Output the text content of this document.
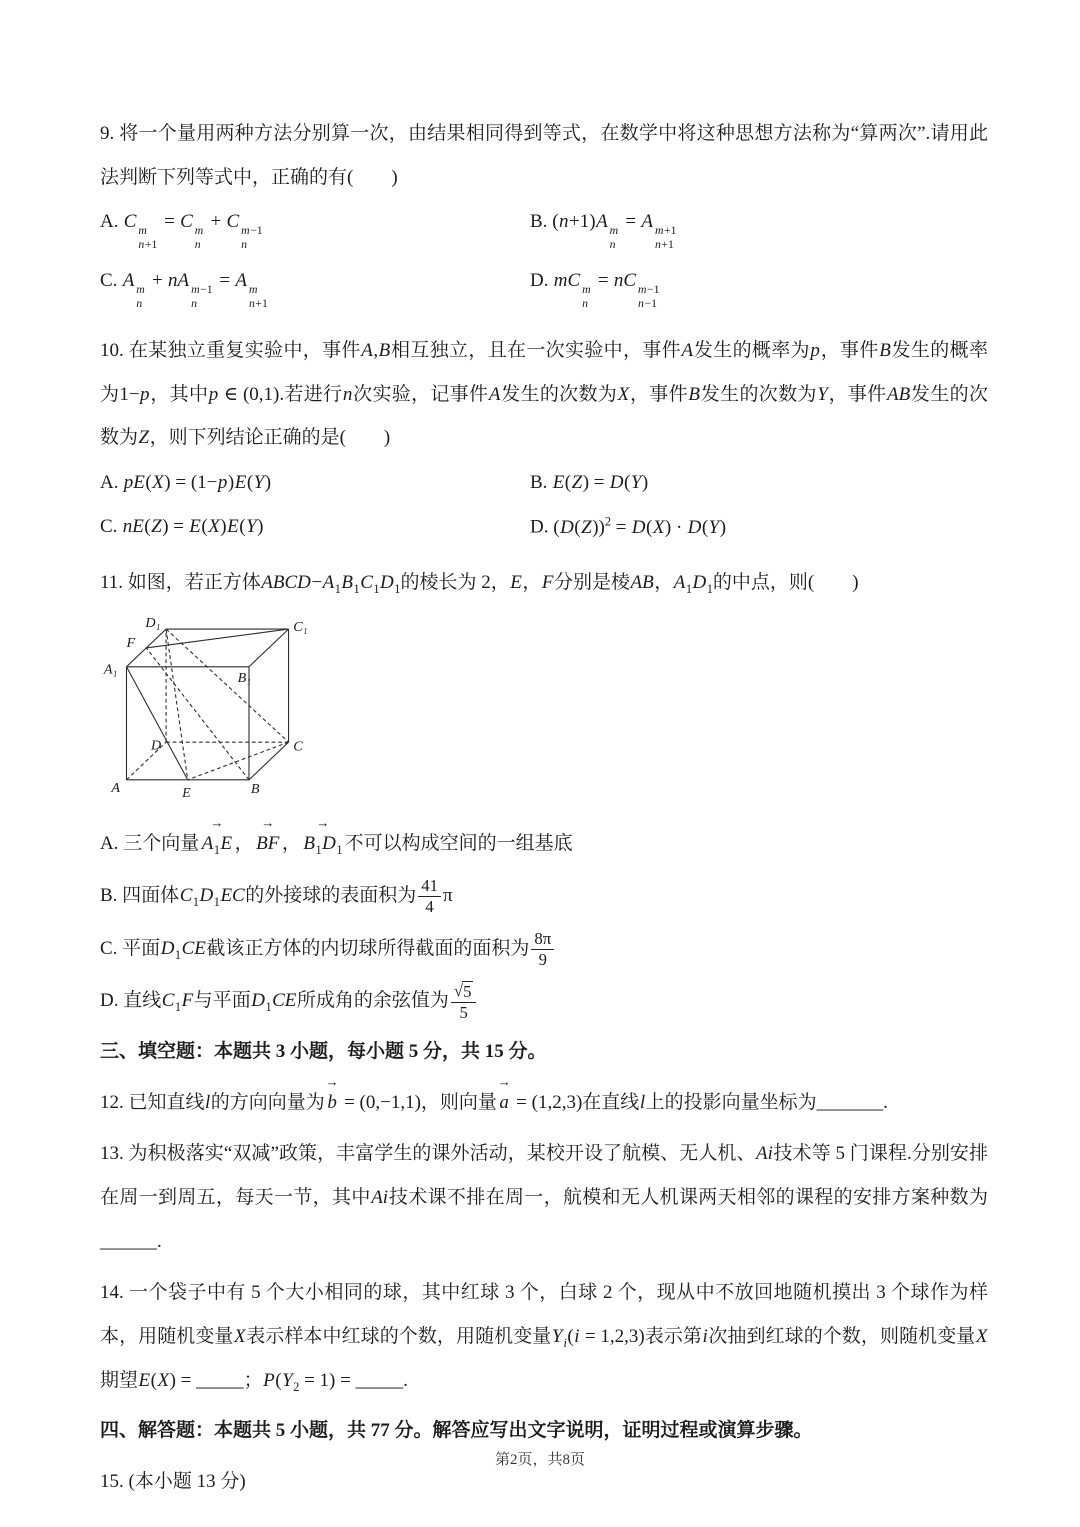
9. 将一个量用两种方法分别算一次，由结果相同得到等式，在数学中将这种思想方法称为“算两次”.请用此法判断下列等式中，正确的有(　　)

A. C m
n+1
= C m
n
+ C m−1
n
B. (n+1)A m
n
= A m+1
n+1
C. A m
n
+ nA m−1
n
= A m
n+1
D. mC m
n
= nC m−1
n−1

10. 在某独立重复实验中，事件A,B相互独立，且在一次实验中，事件A发生的概率为p，事件B发生的概率为1−p，其中p ∈ (0,1).若进行n次实验，记事件A发生的次数为X，事件B发生的次数为Y，事件AB发生的次数为Z，则下列结论正确的是(　　)

A. pE(X) = (1−p)E(Y)	B. E(Z) = D(Y)
C. nE(Z) = E(X)E(Y)	D. $(D(Z))^2 = D(X) \cdot D(Y)$

11. 如图，若正方体$ABCD-A_1B_1C_1D_1$的棱长为 2，E，F分别是棱AB，$A_1D_1$的中点，则(　　)

A	B
C
D
E
F
A₁
B₁
C₁
D₁

A. 三个向量 $A_1E$ → ， BF → ， $B_1D_1$ → 不可以构成空间的一组基底

B. 四面体$C_1D_1EC$的外接球的表面积为 $\frac{41}{4}$ π

C. 平面$D_1CE$截该正方体的内切球所得截面的面积为 $\frac{8\pi}{9}$

D. 直线$C_1F$与平面$D_1CE$所成角的余弦值为 $\frac{√ 5}{5}$

三、填空题：本题共 3 小题，每小题 5 分，共 15 分。

12. 已知直线l的方向向量为 b → = (0,−1,1)，则向量 a → = (1,2,3)在直线l上的投影向量坐标为_______.

13. 为积极落实“双减”政策，丰富学生的课外活动，某校开设了航模、无人机、Ai技术等 5 门课程.分别安排在周一到周五，每天一节，其中Ai技术课不排在周一，航模和无人机课两天相邻的课程的安排方案种数为______.

14. 一个袋子中有 5 个大小相同的球，其中红球 3 个，白球 2 个，现从中不放回地随机摸出 3 个球作为样本，用随机变量X表示样本中红球的个数，用随机变量$Y_i(i = 1,2,3)$表示第i次抽到红球的个数，则随机变量X期望E(X) = _____；$P(Y_2 = 1)$ = _____.

四、解答题：本题共 5 小题，共 77 分。解答应写出文字说明，证明过程或演算步骤。

15. (本小题 13 分)

第2页，共8页
